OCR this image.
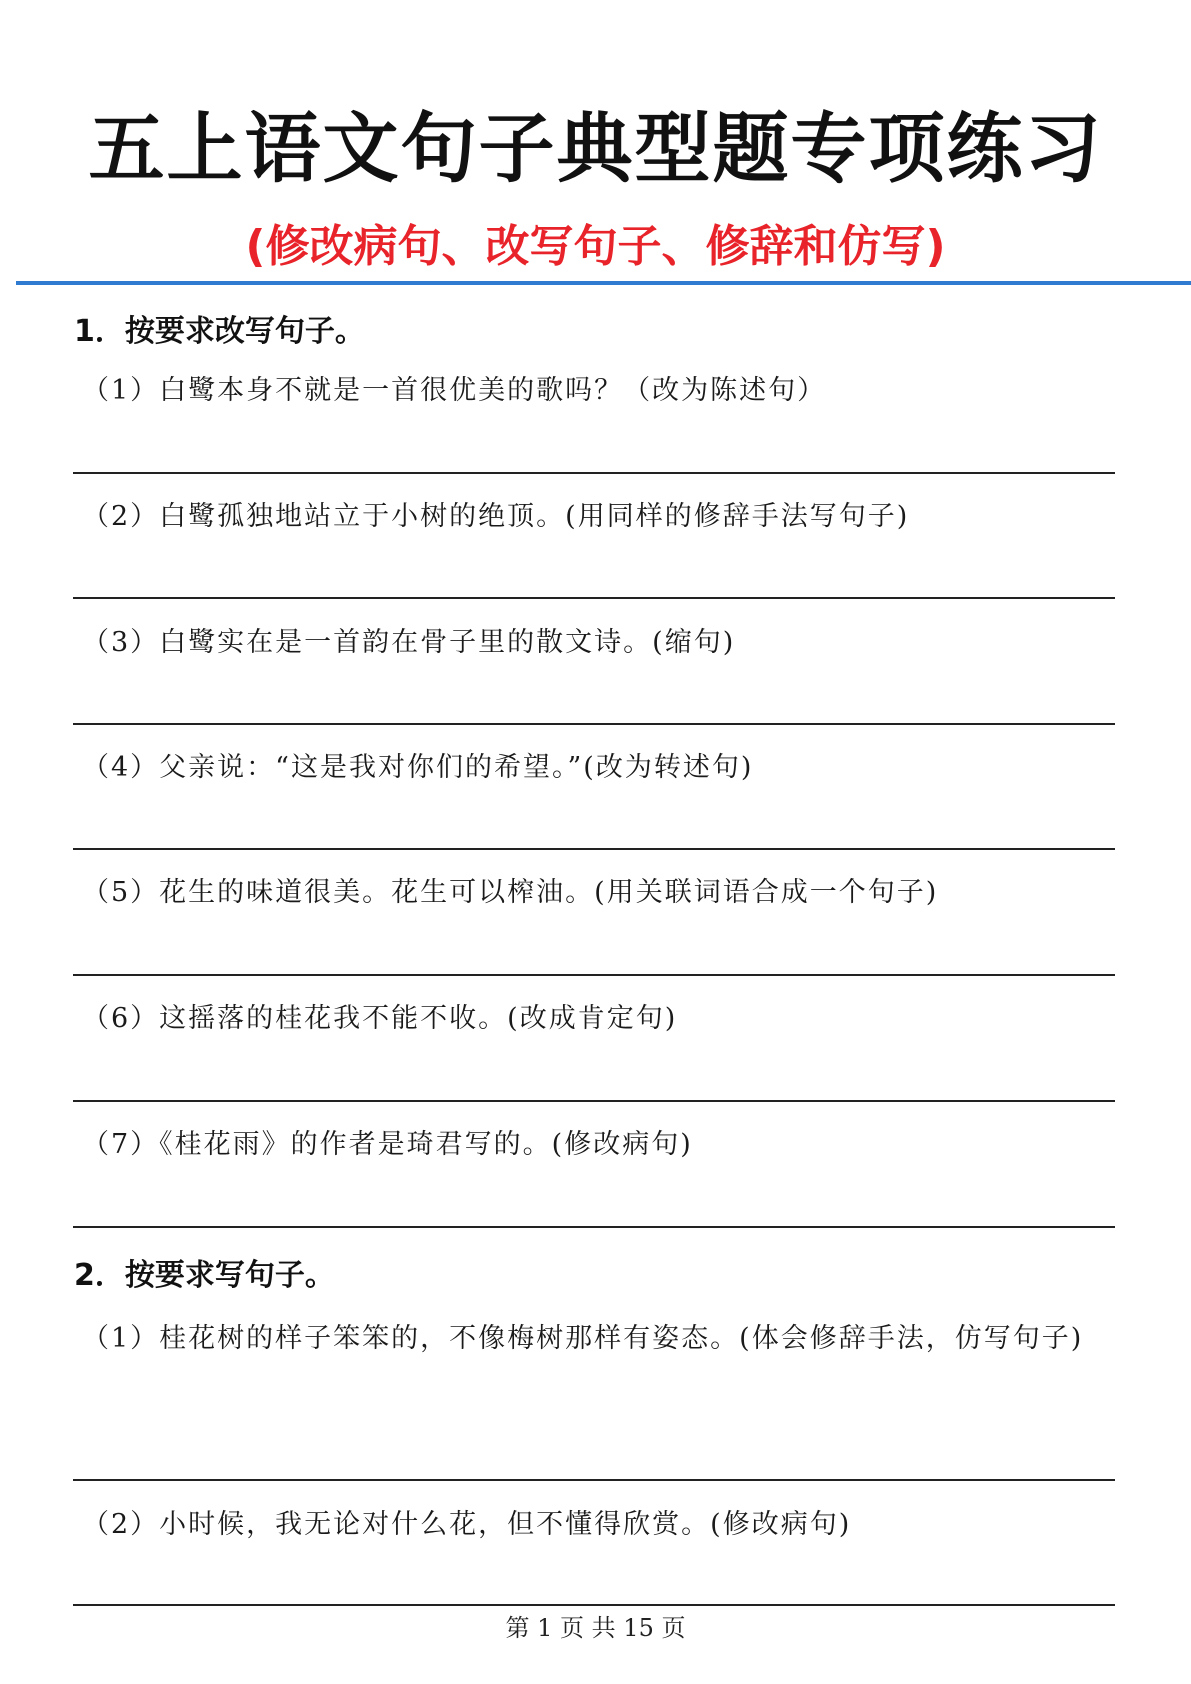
五上语文句子典型题专项练习
(修改病句、改写句子、修辞和仿写)
1．按要求改写句子。
（1）白鹭本身不就是一首很优美的歌吗？（改为陈述句）
（2）白鹭孤独地站立于小树的绝顶。(用同样的修辞手法写句子)
（3）白鹭实在是一首韵在骨子里的散文诗。(缩句)
（4）父亲说：“这是我对你们的希望。”(改为转述句)
（5）花生的味道很美。花生可以榨油。(用关联词语合成一个句子)
（6）这摇落的桂花我不能不收。(改成肯定句)
（7）《桂花雨》的作者是琦君写的。(修改病句)
2．按要求写句子。
（1）桂花树的样子笨笨的，不像梅树那样有姿态。(体会修辞手法，仿写句子)
（2）小时候，我无论对什么花，但不懂得欣赏。(修改病句)
第 1 页 共 15 页
